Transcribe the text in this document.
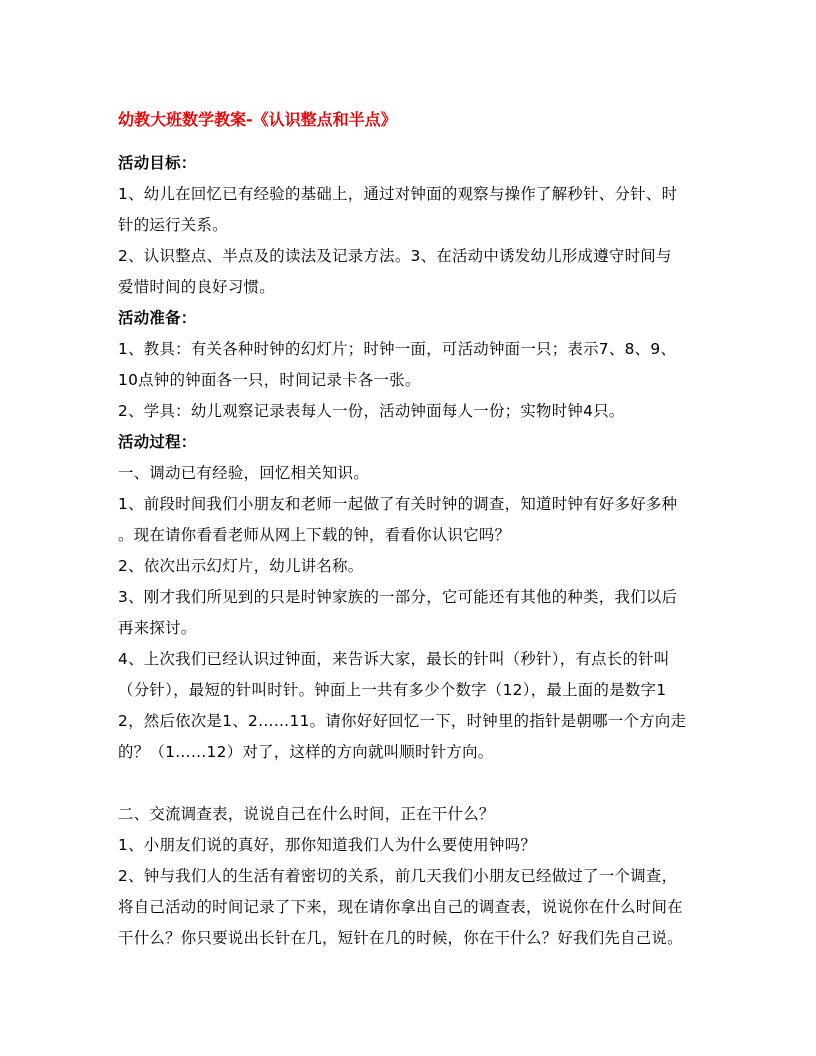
幼教大班数学教案-《认识整点和半点》
活动目标：
1、幼儿在回忆已有经验的基础上，通过对钟面的观察与操作了解秒针、分针、时
针的运行关系。
2、认识整点、半点及的读法及记录方法。3、在活动中诱发幼儿形成遵守时间与
爱惜时间的良好习惯。
活动准备：
1、教具：有关各种时钟的幻灯片；时钟一面，可活动钟面一只；表示7、8、9、
10点钟的钟面各一只，时间记录卡各一张。
2、学具：幼儿观察记录表每人一份，活动钟面每人一份；实物时钟4只。
活动过程：
一、调动已有经验，回忆相关知识。
1、前段时间我们小朋友和老师一起做了有关时钟的调查，知道时钟有好多好多种
。现在请你看看老师从网上下载的钟，看看你认识它吗？
2、依次出示幻灯片，幼儿讲名称。
3、刚才我们所见到的只是时钟家族的一部分，它可能还有其他的种类，我们以后
再来探讨。
4、上次我们已经认识过钟面，来告诉大家，最长的针叫（秒针），有点长的针叫
（分针），最短的针叫时针。钟面上一共有多少个数字（12），最上面的是数字1
2，然后依次是1、2……11。请你好好回忆一下，时钟里的指针是朝哪一个方向走
的？（1……12）对了，这样的方向就叫顺时针方向。
二、交流调查表，说说自己在什么时间，正在干什么？
1、小朋友们说的真好，那你知道我们人为什么要使用钟吗？
2、钟与我们人的生活有着密切的关系，前几天我们小朋友已经做过了一个调查，
将自己活动的时间记录了下来，现在请你拿出自己的调查表，说说你在什么时间在
干什么？你只要说出长针在几，短针在几的时候，你在干什么？好我们先自己说。
